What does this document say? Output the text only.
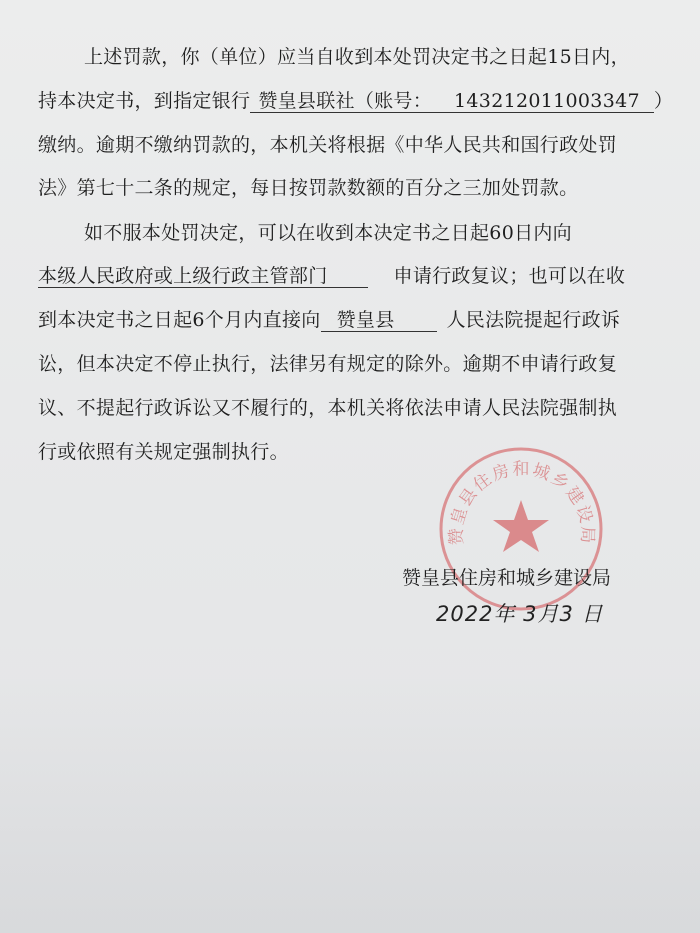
上述罚款，你（单位）应当自收到本处罚决定书之日起15日内，
持本决定书，到指定银行 赞皇县联社（账号： 143212011003347 ）
缴纳。逾期不缴纳罚款的，本机关将根据《中华人民共和国行政处罚
法》第七十二条的规定，每日按罚款数额的百分之三加处罚款。
如不服本处罚决定，可以在收到本决定书之日起60日内向
本级人民政府或上级行政主管部门	申请行政复议；也可以在收
到本决定书之日起6个月内直接向 赞皇县	人民法院提起行政诉
讼，但本决定不停止执行，法律另有规定的除外。逾期不申请行政复
议、不提起行政诉讼又不履行的，本机关将依法申请人民法院强制执
行或依照有关规定强制执行。
赞皇县住房和城乡建设局
赞皇县住房和城乡建设局
2022年 3月3 日
